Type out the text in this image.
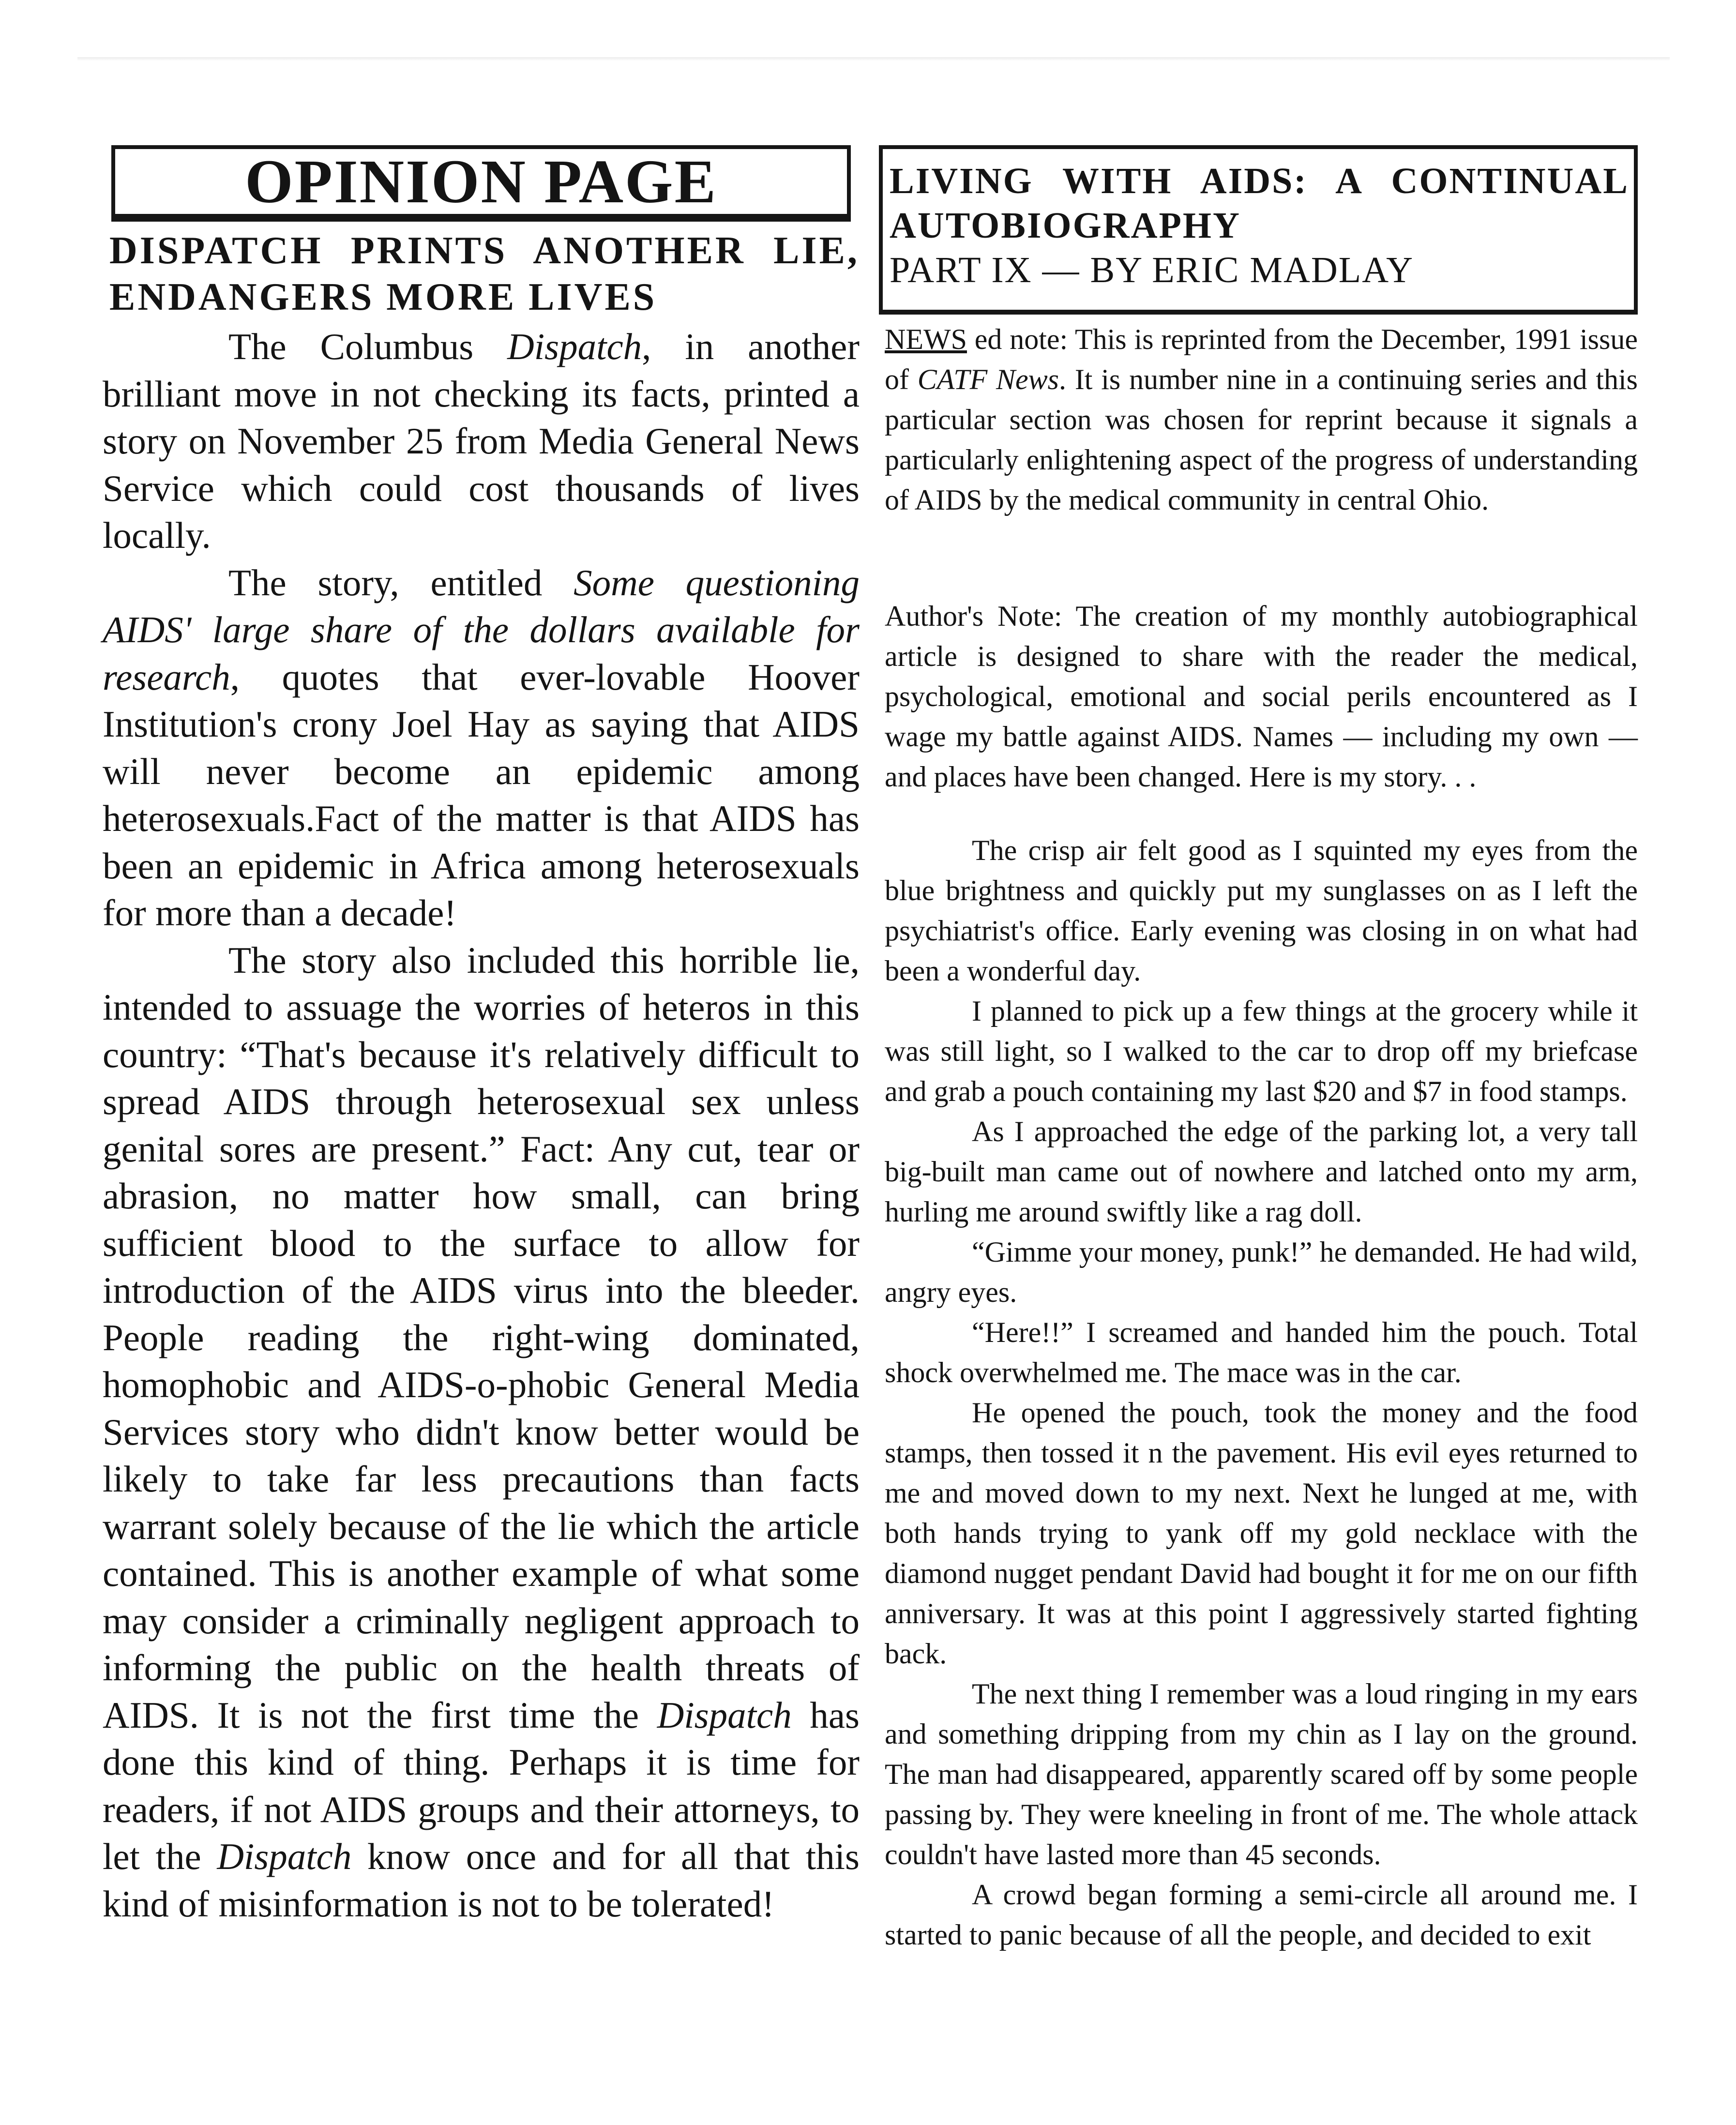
OPINION PAGE
DISPATCH PRINTS ANOTHER LIE, ENDANGERS MORE LIVES

The Columbus Dispatch, in another brilliant move in not checking its facts, printed a story on November 25 from Media General News Service which could cost thousands of lives locally.

The story, entitled Some questioning AIDS' large share of the dollars available for research, quotes that ever-lovable Hoover Institution's crony Joel Hay as saying that AIDS will never become an epidemic among heterosexuals.Fact of the matter is that AIDS has been an epidemic in Africa among heterosexuals for more than a decade!

The story also included this horrible lie, intended to assuage the worries of heteros in this country: “That's because it's relatively difficult to spread AIDS through heterosexual sex unless genital sores are present.” Fact: Any cut, tear or abrasion, no matter how small, can bring sufficient blood to the surface to allow for introduction of the AIDS virus into the bleeder. People reading the right-wing dominated, homophobic and AIDS-o-phobic General Media Services story who didn't know better would be likely to take far less precautions than facts warrant solely because of the lie which the article contained. This is another example of what some may consider a criminally negligent approach to informing the public on the health threats of AIDS. It is not the first time the Dispatch has done this kind of thing. Perhaps it is time for readers, if not AIDS groups and their attorneys, to let the Dispatch know once and for all that this kind of misinformation is not to be tolerated!

LIVING WITH AIDS: A CONTINUAL
AUTOBIOGRAPHY
PART IX — BY ERIC MADLAY
NEWS ed note: This is reprinted from the December, 1991 issue of CATF News. It is number nine in a continuing series and this particular section was chosen for reprint because it signals a particularly enlightening aspect of the progress of understanding of AIDS by the medical community in central Ohio.
Author's Note: The creation of my monthly autobiographical article is designed to share with the reader the medical, psychological, emotional and social perils encountered as I wage my battle against AIDS. Names — including my own — and places have been changed. Here is my story. . .

The crisp air felt good as I squinted my eyes from the blue brightness and quickly put my sunglasses on as I left the psychiatrist's office. Early evening was closing in on what had been a wonderful day.

I planned to pick up a few things at the grocery while it was still light, so I walked to the car to drop off my briefcase and grab a pouch containing my last $20 and $7 in food stamps.

As I approached the edge of the parking lot, a very tall big-built man came out of nowhere and latched onto my arm, hurling me around swiftly like a rag doll.

“Gimme your money, punk!” he demanded. He had wild, angry eyes.

“Here!!” I screamed and handed him the pouch. Total shock overwhelmed me. The mace was in the car.

He opened the pouch, took the money and the food stamps, then tossed it n the pavement. His evil eyes returned to me and moved down to my next. Next he lunged at me, with both hands trying to yank off my gold necklace with the diamond nugget pendant David had bought it for me on our fifth anniversary. It was at this point I aggressively started fighting back.

The next thing I remember was a loud ringing in my ears and something dripping from my chin as I lay on the ground. The man had disappeared, apparently scared off by some people passing by. They were kneeling in front of me. The whole attack couldn't have lasted more than 45 seconds.

A crowd began forming a semi-circle all around me. I started to panic because of all the people, and decided to exit
